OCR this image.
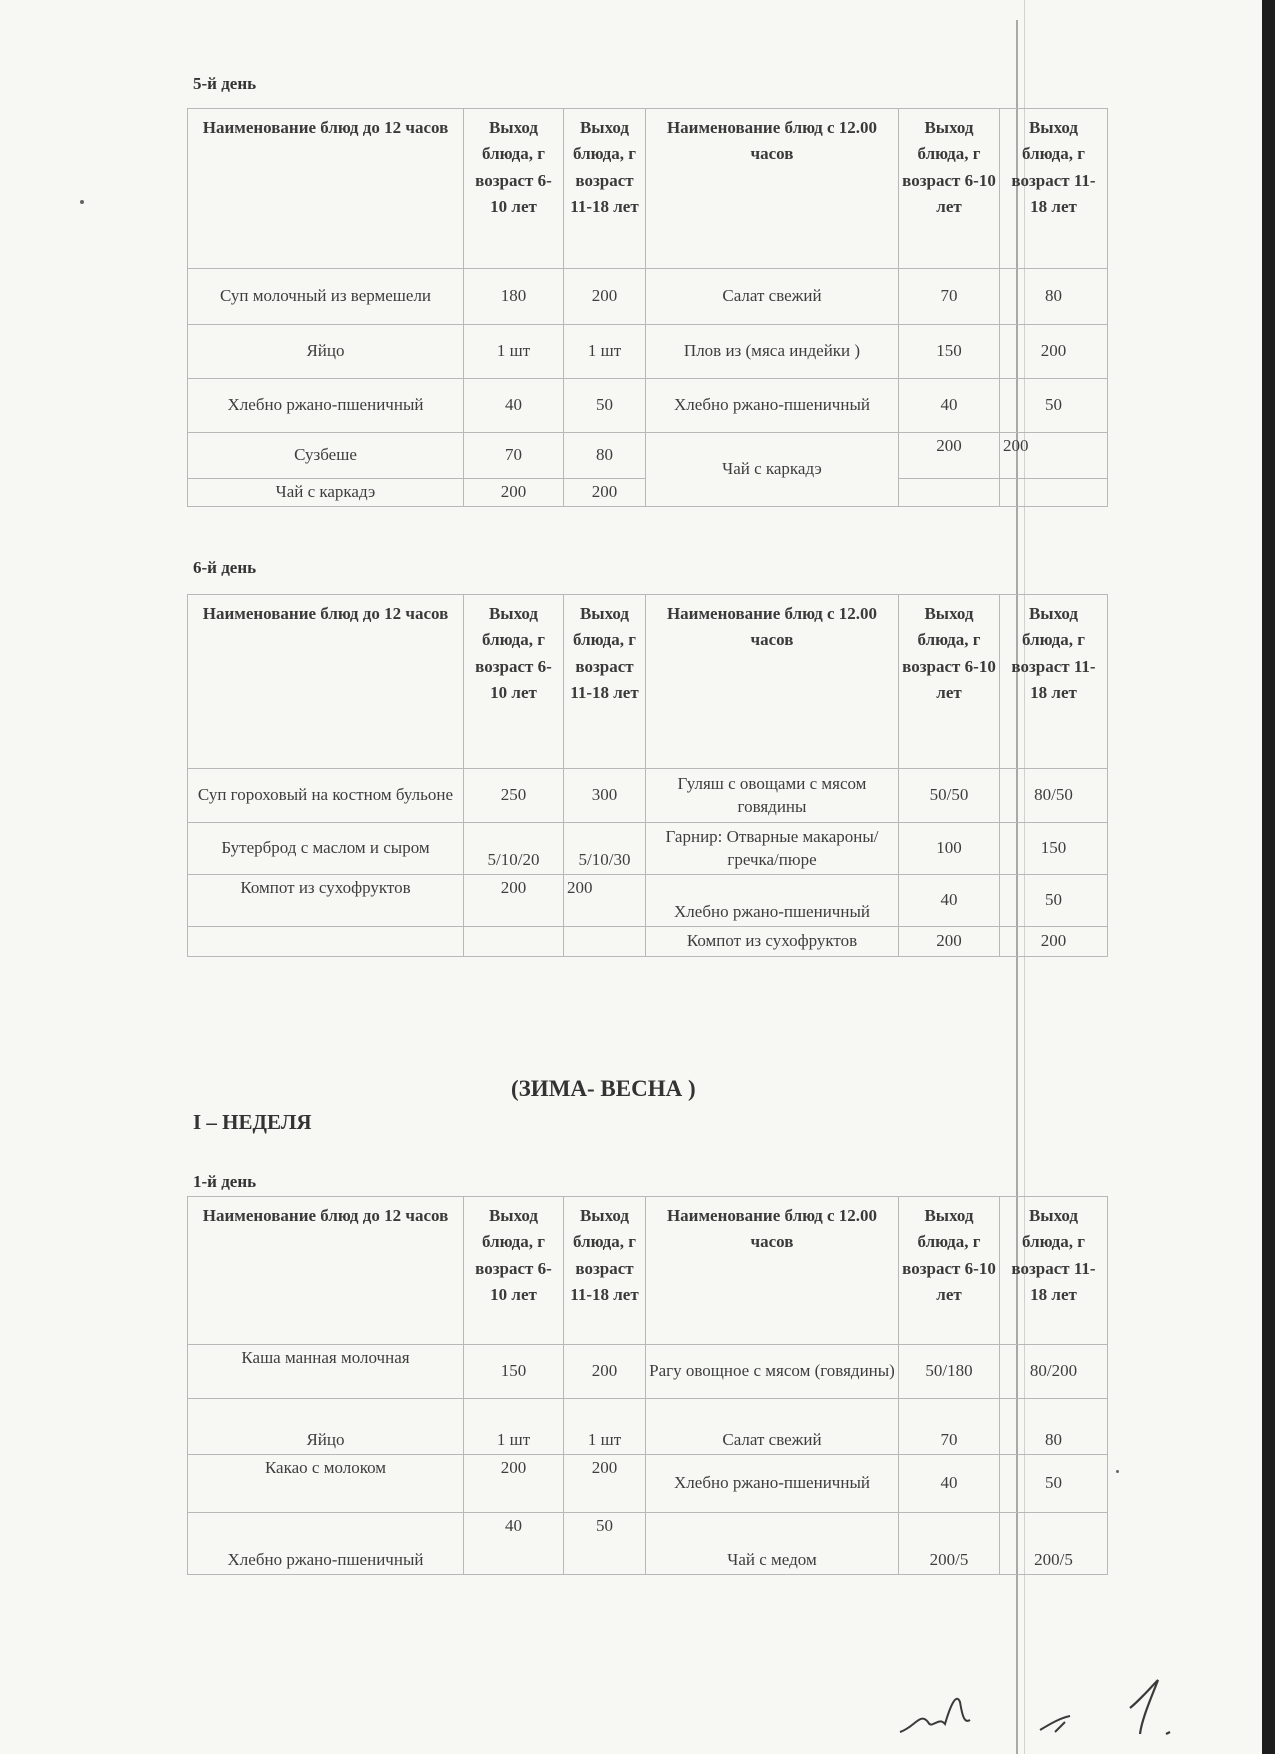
5-й день
Наименование блюд до 12 часов	Выход блюда, г возраст 6-10 лет	Выход блюда, г возраст 11-18 лет	Наименование блюд с 12.00 часов	Выход блюда, г возраст 6-10 лет	Выход блюда, г возраст 11-18 лет
Суп молочный из вермешели	180	200	Салат свежий	70	80
Яйцо	1 шт	1 шт	Плов из (мяса индейки )	150	200
Хлебно ржано-пшеничный	40	50	Хлебно ржано-пшеничный	40	50
Сузбеше	70	80	Чай с каркадэ	200	200
Чай с каркадэ	200	200			
6-й день
Наименование блюд до 12 часов	Выход блюда, г возраст 6-10 лет	Выход блюда, г возраст 11-18 лет	Наименование блюд с 12.00 часов	Выход блюда, г возраст 6-10 лет	Выход блюда, г возраст 11-18 лет
Суп гороховый на костном бульоне	250	300	Гуляш с овощами с мясом говядины	50/50	80/50
Бутерброд с маслом и сыром	5/10/20	5/10/30	Гарнир: Отварные макароны/ гречка/пюре	100	150
Компот из сухофруктов	200	200	Хлебно ржано-пшеничный	40	50
			Компот из сухофруктов	200	200
(ЗИМА- ВЕСНА )
I – НЕДЕЛЯ
1-й день
Наименование блюд до 12 часов	Выход блюда, г возраст 6-10 лет	Выход блюда, г возраст 11-18 лет	Наименование блюд с 12.00 часов	Выход блюда, г возраст 6-10 лет	Выход блюда, г возраст 11-18 лет
Каша манная молочная	150	200	Рагу овощное с мясом (говядины)	50/180	80/200
Яйцо	1 шт	1 шт	Салат свежий	70	80
Какао с молоком	200	200	Хлебно ржано-пшеничный	40	50
Хлебно ржано-пшеничный	40	50	Чай с медом	200/5	200/5
